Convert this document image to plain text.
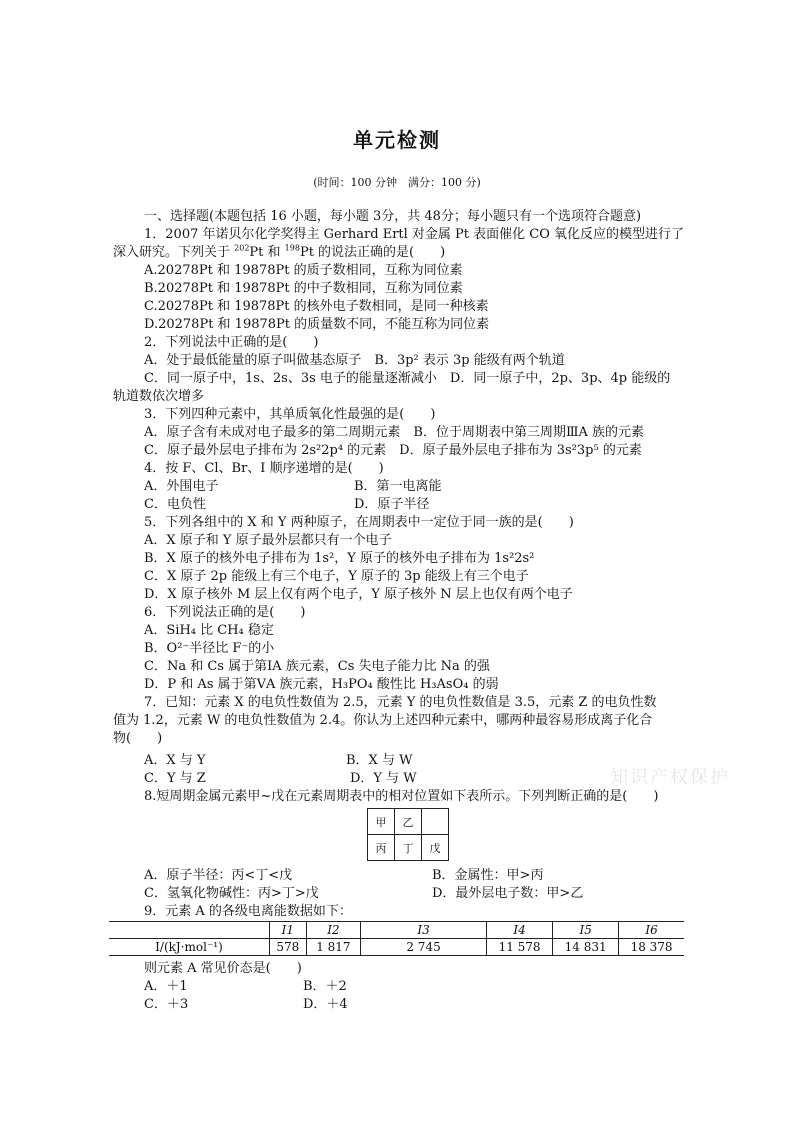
单元检测
(时间：100 分钟　满分：100 分)
一、选择题(本题包括 16 小题，每小题 3分，共 48分；每小题只有一个选项符合题意)
1．2007 年诺贝尔化学奖得主 Gerhard Ertl 对金属 Pt 表面催化 CO 氧化反应的模型进行了
深入研究。下列关于 $^{202}$Pt 和 $^{198}$Pt 的说法正确的是(　　)
A.20278Pt 和 19878Pt 的质子数相同，互称为同位素
B.20278Pt 和 19878Pt 的中子数相同，互称为同位素
C.20278Pt 和 19878Pt 的核外电子数相同，是同一种核素
D.20278Pt 和 19878Pt 的质量数不同，不能互称为同位素
2．下列说法中正确的是(　　)
A．处于最低能量的原子叫做基态原子　B．3p² 表示 3p 能级有两个轨道
C．同一原子中，1s、2s、3s 电子的能量逐渐减小　D．同一原子中，2p、3p、4p 能级的
轨道数依次增多
3．下列四种元素中，其单质氧化性最强的是(　　)
A．原子含有未成对电子最多的第二周期元素　B．位于周期表中第三周期ⅢA 族的元素
C．原子最外层电子排布为 2s²2p⁴ 的元素　D．原子最外层电子排布为 3s²3p⁵ 的元素
4．按 F、Cl、Br、I 顺序递增的是(　　)
A．外围电子	B．第一电离能
C．电负性	D．原子半径
5．下列各组中的 X 和 Y 两种原子，在周期表中一定位于同一族的是(　　)
A．X 原子和 Y 原子最外层都只有一个电子
B．X 原子的核外电子排布为 1s²，Y 原子的核外电子排布为 1s²2s²
C．X 原子 2p 能级上有三个电子，Y 原子的 3p 能级上有三个电子
D．X 原子核外 M 层上仅有两个电子，Y 原子核外 N 层上也仅有两个电子
6．下列说法正确的是(　　)
A．SiH₄ 比 CH₄ 稳定
B．O²⁻半径比 F⁻的小
C．Na 和 Cs 属于第ⅠA 族元素，Cs 失电子能力比 Na 的强
D．P 和 As 属于第ⅤA 族元素，H₃PO₄ 酸性比 H₃AsO₄ 的弱
7．已知：元素 X 的电负性数值为 2.5，元素 Y 的电负性数值是 3.5，元素 Z 的电负性数
值为 1.2，元素 W 的电负性数值为 2.4。你认为上述四种元素中，哪两种最容易形成离子化合
物(　　)
A．X 与 Y	B．X 与 W
C．Y 与 Z	D．Y 与 W	知识产权保护
8.短周期金属元素甲~戊在元素周期表中的相对位置如下表所示。下列判断正确的是(　　)
甲	乙	
丙	丁	戊
A．原子半径：丙<丁<戊	B．金属性：甲>丙
C．氢氧化物碱性：丙>丁>戊	D．最外层电子数：甲>乙
9．元素 A 的各级电离能数据如下：
	I1	I2	I3	I4	I5	I6
I/(kJ·mol⁻¹)	578	1 817	2 745	11 578	14 831	18 378
则元素 A 常见价态是(　　)
A．＋1	B．＋2
C．＋3	D．＋4
